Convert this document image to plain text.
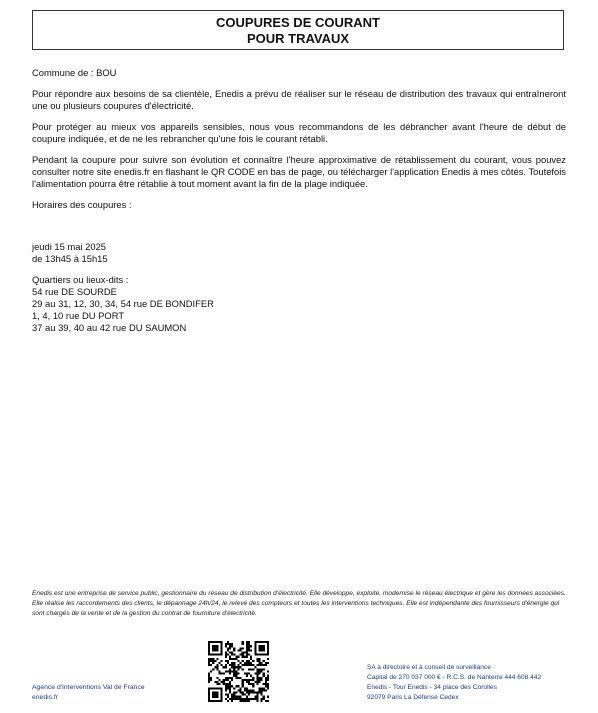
COUPURES DE COURANT
POUR TRAVAUX

Commune de : BOU

Pour répondre aux besoins de sa clientèle, Enedis a prévu de réaliser sur le réseau de distribution des travaux qui entraîneront une ou plusieurs coupures d'électricité.

Pour protéger au mieux vos appareils sensibles, nous vous recommandons de les débrancher avant l'heure de début de coupure indiquée, et de ne les rebrancher qu'une fois le courant rétabli.

Pendant la coupure pour suivre son évolution et connaître l'heure approximative de rétablissement du courant, vous pouvez consulter notre site enedis.fr en flashant le QR CODE en bas de page, ou télécharger l'application Enedis à mes côtés. Toutefois l'alimentation pourra être rétablie à tout moment avant la fin de la plage indiquée.

Horaires des coupures :

jeudi 15 mai 2025

de 13h45 à 15h15

Quartiers ou lieux-dits :

54 rue DE SOURDE

29 au 31, 12, 30, 34, 54 rue DE BONDIFER

1, 4, 10 rue DU PORT

37 au 39, 40 au 42 rue DU SAUMON

Enedis est une entreprise de service public, gestionnaire du réseau de distribution d'électricité. Elle développe, exploite, modernise le réseau électrique et gère les données associées. Elle réalise les raccordements des clients, le dépannage 24h/24, le relevé des compteurs et toutes les interventions techniques. Elle est indépendante des fournisseurs d'énergie qui sont chargés de la vente et de la gestion du contrat de fourniture d'électricité.
Agence d'Interventions Val de France
enedis.fr
SA à directoire et à conseil de surveillance
Capital de 270 037 000 € - R.C.S. de Nanterre 444 608 442
Enedis - Tour Enedis - 34 place des Corolles
92079 Paris La Défense Cedex
